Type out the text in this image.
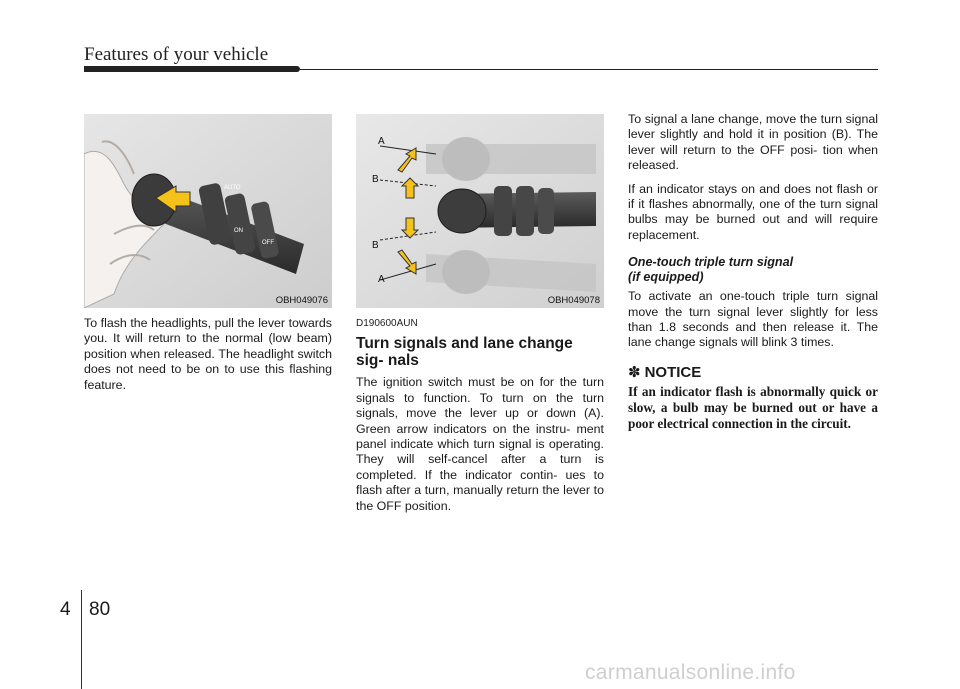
Features of your vehicle
AUTO
ON
OFF
OBH049076
A
B
B
A
OBH049078

To flash the headlights, pull the lever towards you. It will return to the normal (low beam) position when released. The headlight switch does not need to be on to use this flashing feature.

D190600AUN

Turn signals and lane change sig- nals

The ignition switch must be on for the turn signals to function. To turn on the turn signals, move the lever up or down (A). Green arrow indicators on the instru- ment panel indicate which turn signal is operating. They will self-cancel after a turn is completed. If the indicator contin- ues to flash after a turn, manually return the lever to the OFF position.

To signal a lane change, move the turn signal lever slightly and hold it in position (B). The lever will return to the OFF posi- tion when released.

If an indicator stays on and does not flash or if it flashes abnormally, one of the turn signal bulbs may be burned out and will require replacement.

One-touch triple turn signal
(if equipped)

To activate an one-touch triple turn signal move the turn signal lever slightly for less than 1.8 seconds and then release it. The lane change signals will blink 3 times.

✽ NOTICE

If an indicator flash is abnormally quick or slow, a bulb may be burned out or have a poor electrical connection in the circuit.

4 80
carmanualsonline.info
